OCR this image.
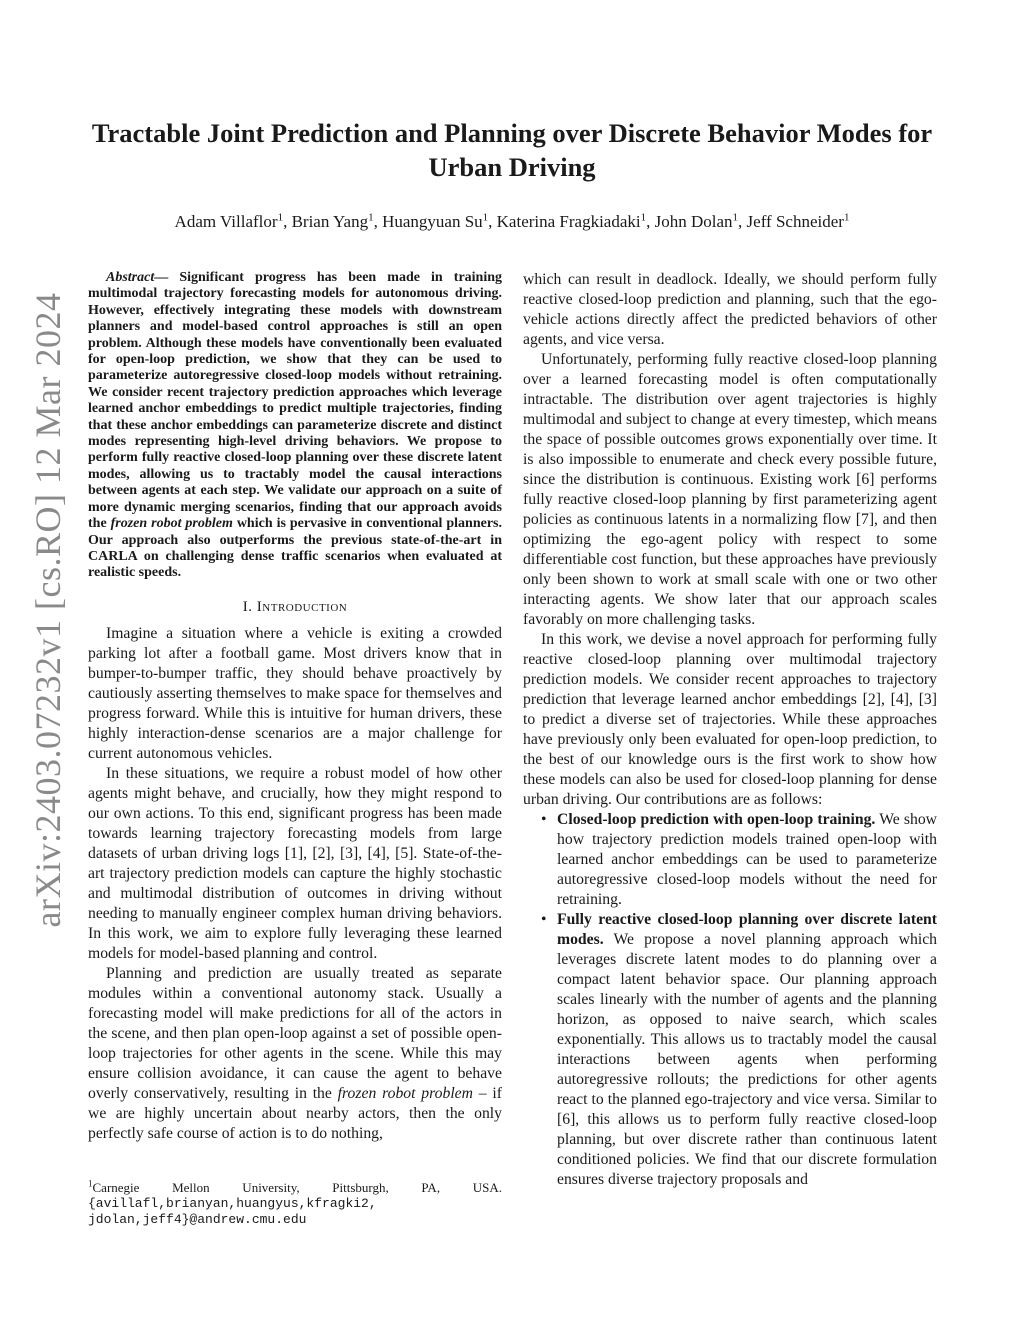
arXiv:2403.07232v1 [cs.RO] 12 Mar 2024
Tractable Joint Prediction and Planning over Discrete Behavior Modes for Urban Driving
Adam Villaflor$^1$, Brian Yang$^1$, Huangyuan Su$^1$, Katerina Fragkiadaki$^1$, John Dolan$^1$, Jeff Schneider$^1$

Abstract— Significant progress has been made in training multimodal trajectory forecasting models for autonomous driving. However, effectively integrating these models with downstream planners and model-based control approaches is still an open problem. Although these models have conventionally been evaluated for open-loop prediction, we show that they can be used to parameterize autoregressive closed-loop models without retraining. We consider recent trajectory prediction approaches which leverage learned anchor embeddings to predict multiple trajectories, finding that these anchor embeddings can parameterize discrete and distinct modes representing high-level driving behaviors. We propose to perform fully reactive closed-loop planning over these discrete latent modes, allowing us to tractably model the causal interactions between agents at each step. We validate our approach on a suite of more dynamic merging scenarios, finding that our approach avoids the frozen robot problem which is pervasive in conventional planners. Our approach also outperforms the previous state-of-the-art in CARLA on challenging dense traffic scenarios when evaluated at realistic speeds.

I. Introduction

Imagine a situation where a vehicle is exiting a crowded parking lot after a football game. Most drivers know that in bumper-to-bumper traffic, they should behave proactively by cautiously asserting themselves to make space for themselves and progress forward. While this is intuitive for human drivers, these highly interaction-dense scenarios are a major challenge for current autonomous vehicles.

In these situations, we require a robust model of how other agents might behave, and crucially, how they might respond to our own actions. To this end, significant progress has been made towards learning trajectory forecasting models from large datasets of urban driving logs [1], [2], [3], [4], [5]. State-of-the-art trajectory prediction models can capture the highly stochastic and multimodal distribution of outcomes in driving without needing to manually engineer complex human driving behaviors. In this work, we aim to explore fully leveraging these learned models for model-based planning and control.

Planning and prediction are usually treated as separate modules within a conventional autonomy stack. Usually a forecasting model will make predictions for all of the actors in the scene, and then plan open-loop against a set of possible open-loop trajectories for other agents in the scene. While this may ensure collision avoidance, it can cause the agent to behave overly conservatively, resulting in the frozen robot problem – if we are highly uncertain about nearby actors, then the only perfectly safe course of action is to do nothing,

which can result in deadlock. Ideally, we should perform fully reactive closed-loop prediction and planning, such that the ego-vehicle actions directly affect the predicted behaviors of other agents, and vice versa.

Unfortunately, performing fully reactive closed-loop planning over a learned forecasting model is often computationally intractable. The distribution over agent trajectories is highly multimodal and subject to change at every timestep, which means the space of possible outcomes grows exponentially over time. It is also impossible to enumerate and check every possible future, since the distribution is continuous. Existing work [6] performs fully reactive closed-loop planning by first parameterizing agent policies as continuous latents in a normalizing flow [7], and then optimizing the ego-agent policy with respect to some differentiable cost function, but these approaches have previously only been shown to work at small scale with one or two other interacting agents. We show later that our approach scales favorably on more challenging tasks.

In this work, we devise a novel approach for performing fully reactive closed-loop planning over multimodal trajectory prediction models. We consider recent approaches to trajectory prediction that leverage learned anchor embeddings [2], [4], [3] to predict a diverse set of trajectories. While these approaches have previously only been evaluated for open-loop prediction, to the best of our knowledge ours is the first work to show how these models can also be used for closed-loop planning for dense urban driving. Our contributions are as follows:

• Closed-loop prediction with open-loop training. We show how trajectory prediction models trained open-loop with learned anchor embeddings can be used to parameterize autoregressive closed-loop models without the need for retraining.
• Fully reactive closed-loop planning over discrete latent modes. We propose a novel planning approach which leverages discrete latent modes to do planning over a compact latent behavior space. Our planning approach scales linearly with the number of agents and the planning horizon, as opposed to naive search, which scales exponentially. This allows us to tractably model the causal interactions between agents when performing autoregressive rollouts; the predictions for other agents react to the planned ego-trajectory and vice versa. Similar to [6], this allows us to perform fully reactive closed-loop planning, but over discrete rather than continuous latent conditioned policies. We find that our discrete formulation ensures diverse trajectory proposals and
$^1$Carnegie Mellon University, Pittsburgh, PA, USA.
{avillafl,brianyan,huangyus,kfragki2,
jdolan,jeff4}@andrew.cmu.edu
